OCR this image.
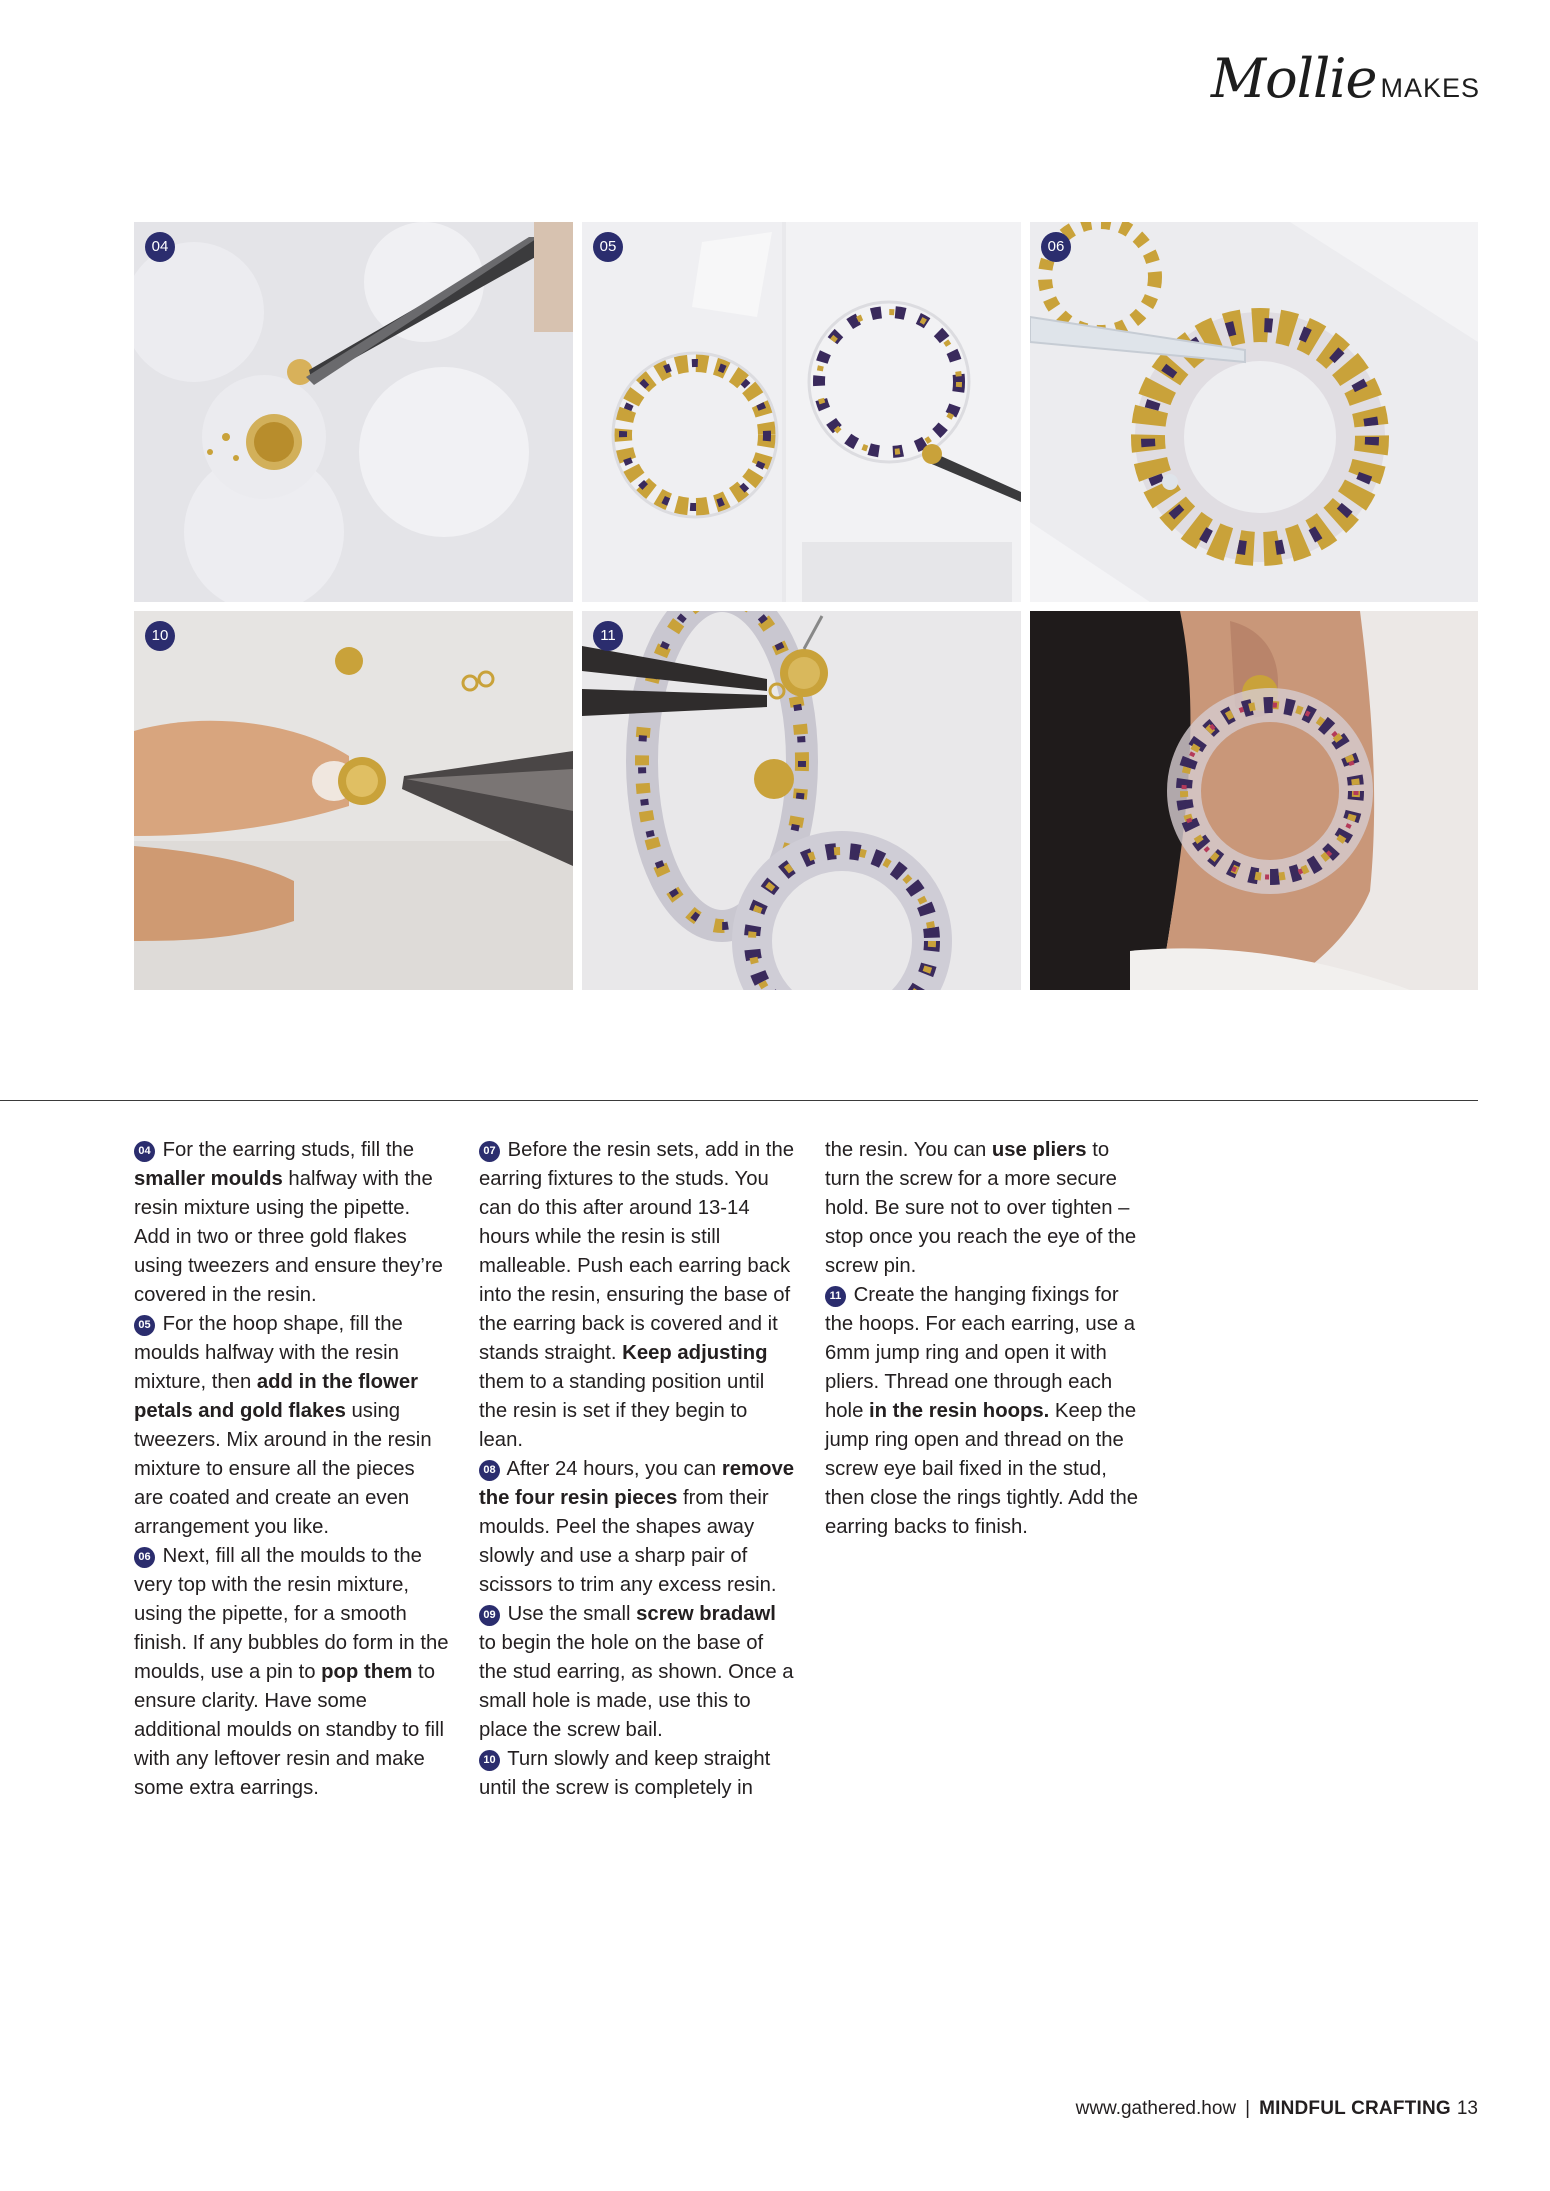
Mollie MAKES
04	05	06
10	11

04 For the earring studs, fill the smaller moulds halfway with the resin mixture using the pipette. Add in two or three gold flakes using tweezers and ensure they’re covered in the resin.

05 For the hoop shape, fill the moulds halfway with the resin mixture, then add in the flower petals and gold flakes using tweezers. Mix around in the resin mixture to ensure all the pieces are coated and create an even arrangement you like.

06 Next, fill all the moulds to the very top with the resin mixture, using the pipette, for a smooth finish. If any bubbles do form in the moulds, use a pin to pop them to ensure clarity. Have some additional moulds on standby to fill with any leftover resin and make some extra earrings.

07 Before the resin sets, add in the earring fixtures to the studs. You can do this after around 13-14 hours while the resin is still malleable. Push each earring back into the resin, ensuring the base of the earring back is covered and it stands straight. Keep adjusting them to a standing position until the resin is set if they begin to lean.

08 After 24 hours, you can remove the four resin pieces from their moulds. Peel the shapes away slowly and use a sharp pair of scissors to trim any excess resin.

09 Use the small screw bradawl to begin the hole on the base of the stud earring, as shown. Once a small hole is made, use this to place the screw bail.

10 Turn slowly and keep straight until the screw is completely in

the resin. You can use pliers to turn the screw for a more secure hold. Be sure not to over tighten – stop once you reach the eye of the screw pin.

11 Create the hanging fixings for the hoops. For each earring, use a 6mm jump ring and open it with pliers. Thread one through each hole in the resin hoops. Keep the jump ring open and thread on the screw eye bail fixed in the stud, then close the rings tightly. Add the earring backs to finish.

www.gathered.how | MINDFUL CRAFTING 13
